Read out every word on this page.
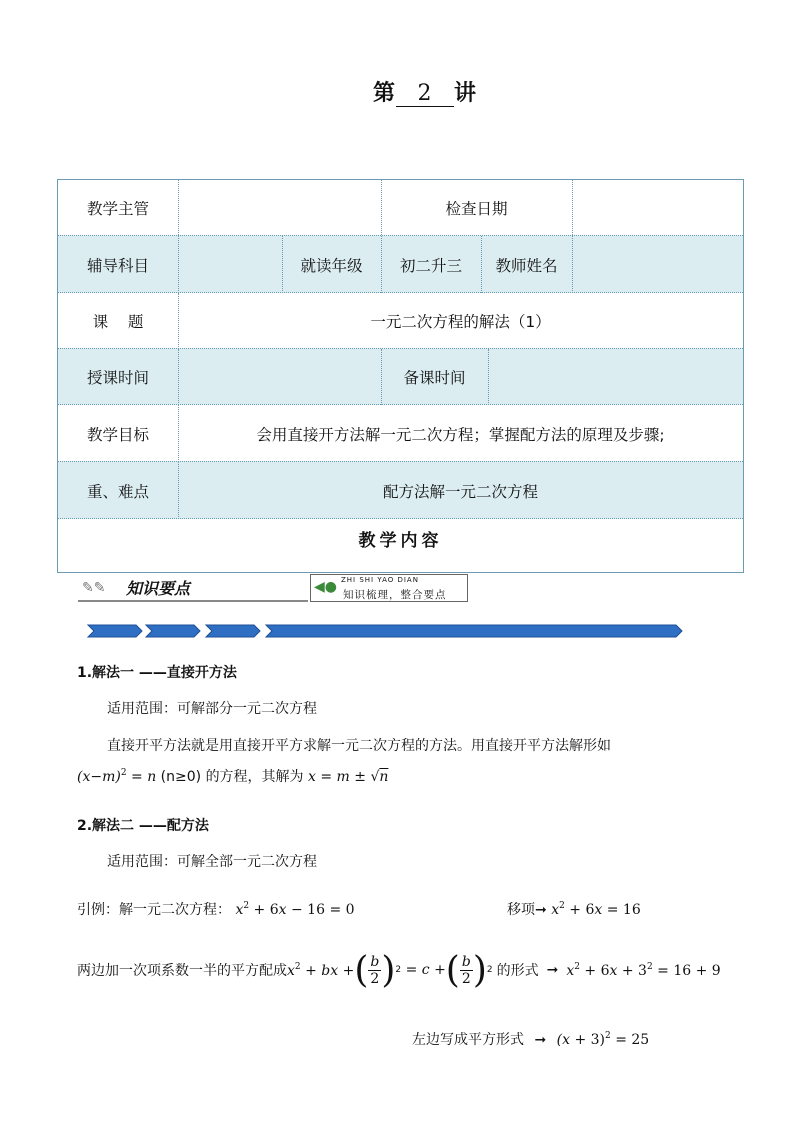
第 2 讲
教学主管	检查日期
辅导科目	就读年级	初二升三	教师姓名
课    题	一元二次方程的解法（1）
授课时间	备课时间
教学目标	会用直接开方法解一元二次方程；掌握配方法的原理及步骤;
重、难点	配方法解一元二次方程
教学内容
✎✎	知识要点	◀● ZHI SHI YAO DIAN
知识梳理，整合要点
1.解法一 ——直接开方法
适用范围：可解部分一元二次方程
直接开平方法就是用直接开平方求解一元二次方程的方法。用直接开平方法解形如
$(x-m)^2 = n$ (n≥0) 的方程，其解为 x = m ± √n
2.解法二 ——配方法
适用范围：可解全部一元二次方程
引例：解一元二次方程： $x^2 + 6x - 16 = 0$	移项➞ $x^2 + 6x = 16$
两边加一次项系数一半的平方配成 $x^2$ + bx + ( $\frac{b}{2}$ ) 2 = c + ( $\frac{b}{2}$ ) 2 的形式 ➞ $x^2 + 6x + 3^2 = 16 + 9$
左边写成平方形式 ➞ $(x + 3)^2 = 25$
